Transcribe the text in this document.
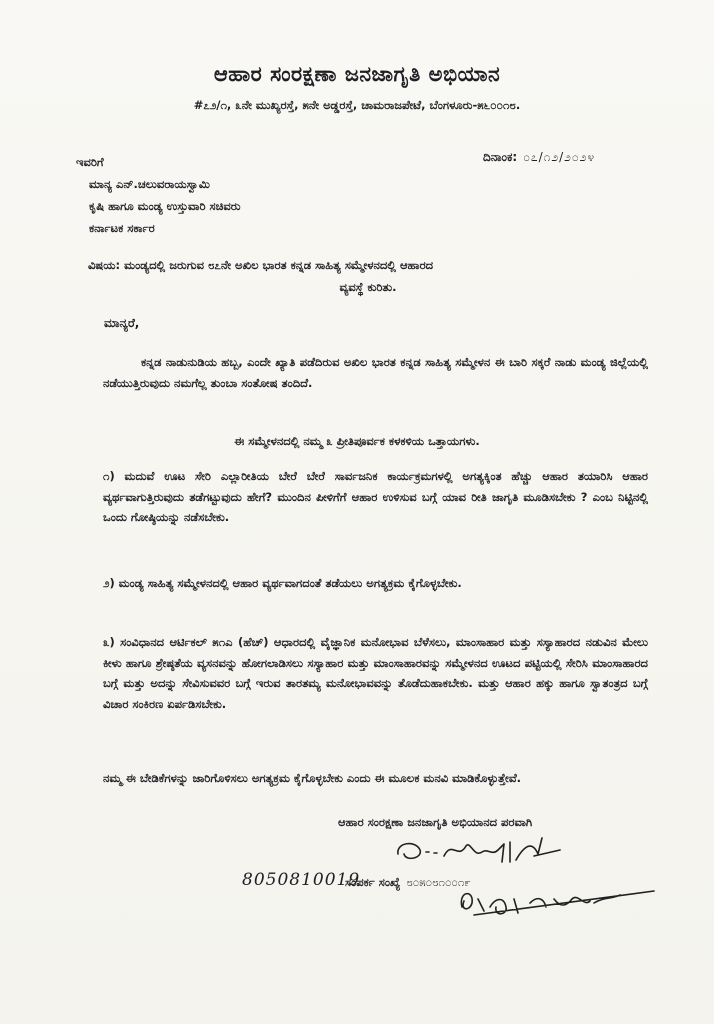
ಆಹಾರ ಸಂರಕ್ಷಣಾ ಜನಜಾಗೃತಿ ಅಭಿಯಾನ
#೭೨/೧, ೩ನೇ ಮುಖ್ಯರಸ್ತೆ, ೫ನೇ ಅಡ್ಡರಸ್ತೆ, ಚಾಮರಾಜಪೇಟೆ, ಬೆಂಗಳೂರು-೫೬೦೦೧೮.
ಇವರಿಗೆ
ಮಾನ್ಯ ಎನ್.ಚಲುವರಾಯಸ್ವಾಮಿ
ಕೃಷಿ ಹಾಗೂ ಮಂಡ್ಯ ಉಸ್ತುವಾರಿ ಸಚಿವರು
ಕರ್ನಾಟಕ ಸರ್ಕಾರ
ದಿನಾಂಕ: ೦೭/೧೨/೨೦೨೪
ವಿಷಯ: ಮಂಡ್ಯದಲ್ಲಿ ಜರುಗುವ ೮೭ನೇ ಅಖಿಲ ಭಾರತ ಕನ್ನಡ ಸಾಹಿತ್ಯ ಸಮ್ಮೇಳನದಲ್ಲಿ ಆಹಾರದ
ವ್ಯವಸ್ಥೆ ಕುರಿತು.
ಮಾನ್ಯರೆ,
ಕನ್ನಡ ನಾಡುನುಡಿಯ ಹಬ್ಬ, ಎಂದೇ ಖ್ಯಾತಿ ಪಡೆದಿರುವ ಅಖಿಲ ಭಾರತ ಕನ್ನಡ ಸಾಹಿತ್ಯ ಸಮ್ಮೇಳನ ಈ ಬಾರಿ ಸಕ್ಕರೆ ನಾಡು ಮಂಡ್ಯ ಜಿಲ್ಲೆಯಲ್ಲಿ ನಡೆಯುತ್ತಿರುವುದು ನಮಗೆಲ್ಲ ತುಂಬಾ ಸಂತೋಷ ತಂದಿದೆ.
ಈ ಸಮ್ಮೇಳನದಲ್ಲಿ ನಮ್ಮ ೩ ಪ್ರೀತಿಪೂರ್ವಕ ಕಳಕಳಿಯ ಒತ್ತಾಯಗಳು.
೧) ಮದುವೆ ಊಟ ಸೇರಿ ಎಲ್ಲಾರೀತಿಯ ಬೇರೆ ಬೇರೆ ಸಾರ್ವಜನಿಕ ಕಾರ್ಯಕ್ರಮಗಳಲ್ಲಿ ಅಗತ್ಯಕ್ಕಿಂತ ಹೆಚ್ಚು ಆಹಾರ ತಯಾರಿಸಿ ಆಹಾರ ವ್ಯರ್ಥವಾಗುತ್ತಿರುವುದು ತಡೆಗಟ್ಟುವುದು ಹೇಗೆ? ಮುಂದಿನ ಪೀಳಿಗೆಗೆ ಆಹಾರ ಉಳಿಸುವ ಬಗ್ಗೆ ಯಾವ ರೀತಿ ಜಾಗೃತಿ ಮೂಡಿಸಬೇಕು ? ಎಂಬ ನಿಟ್ಟಿನಲ್ಲಿ ಒಂದು ಗೋಷ್ಠಿಯನ್ನು ನಡೆಸಬೇಕು.
೨) ಮಂಡ್ಯ ಸಾಹಿತ್ಯ ಸಮ್ಮೇಳನದಲ್ಲಿ ಆಹಾರ ವ್ಯರ್ಥವಾಗದಂತೆ ತಡೆಯಲು ಅಗತ್ಯಕ್ರಮ ಕೈಗೊಳ್ಳಬೇಕು.
೩) ಸಂವಿಧಾನದ ಆರ್ಟಿಕಲ್ ೫೧ಎ (ಹೆಚ್) ಆಧಾರದಲ್ಲಿ ವೈಜ್ಞಾನಿಕ ಮನೋಭಾವ ಬೆಳೆಸಲು, ಮಾಂಸಾಹಾರ ಮತ್ತು ಸಸ್ಯಾಹಾರದ ನಡುವಿನ ಮೇಲು ಕೀಳು ಹಾಗೂ ಶ್ರೇಷ್ಠತೆಯ ವ್ಯಸನವನ್ನು ಹೋಗಲಾಡಿಸಲು ಸಸ್ಯಾಹಾರ ಮತ್ತು ಮಾಂಸಾಹಾರವನ್ನು ಸಮ್ಮೇಳನದ ಊಟದ ಪಟ್ಟಿಯಲ್ಲಿ ಸೇರಿಸಿ ಮಾಂಸಾಹಾರದ ಬಗ್ಗೆ ಮತ್ತು ಅದನ್ನು ಸೇವಿಸುವವರ ಬಗ್ಗೆ ಇರುವ ತಾರತಮ್ಯ ಮನೋಭಾವವನ್ನು ತೊಡೆದುಹಾಕಬೇಕು. ಮತ್ತು ಆಹಾರ ಹಕ್ಕು ಹಾಗೂ ಸ್ವಾತಂತ್ರದ ಬಗ್ಗೆ ವಿಚಾರ ಸಂಕಿರಣ ಏರ್ಪಡಿಸಬೇಕು.
ನಮ್ಮ ಈ ಬೇಡಿಕೆಗಳನ್ನು ಜಾರಿಗೊಳಿಸಲು ಅಗತ್ಯಕ್ರಮ ಕೈಗೊಳ್ಳಬೇಕು ಎಂದು ಈ ಮೂಲಕ ಮನವಿ ಮಾಡಿಕೊಳ್ಳುತ್ತೇವೆ.
ಆಹಾರ ಸಂರಕ್ಷಣಾ ಜನಜಾಗೃತಿ ಅಭಿಯಾನದ ಪರವಾಗಿ
8050810019
ಸಂಪರ್ಕ ಸಂಖ್ಯೆ ೮೦೫೦೮೧೦೦೧೯
